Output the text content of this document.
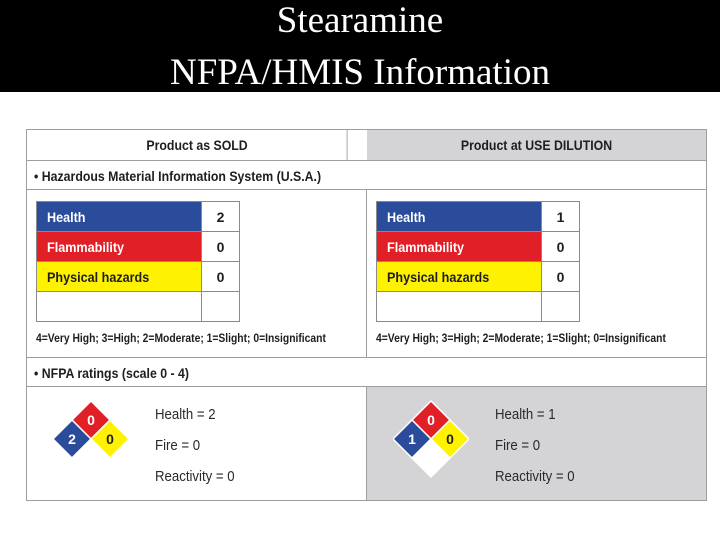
Stearamine
NFPA/HMIS Information
Product as SOLD	Product at USE DILUTION
• Hazardous Material Information System (U.S.A.)
Health	2
Flammability	0
Physical hazards	0

4=Very High; 3=High; 2=Moderate; 1=Slight; 0=Insignificant
Health	1
Flammability	0
Physical hazards	0

4=Very High; 3=High; 2=Moderate; 1=Slight; 0=Insignificant
• NFPA ratings (scale 0 - 4)
0
2 0
Health = 2
Fire = 0
Reactivity = 0
0
1 0
Health = 1
Fire = 0
Reactivity = 0
